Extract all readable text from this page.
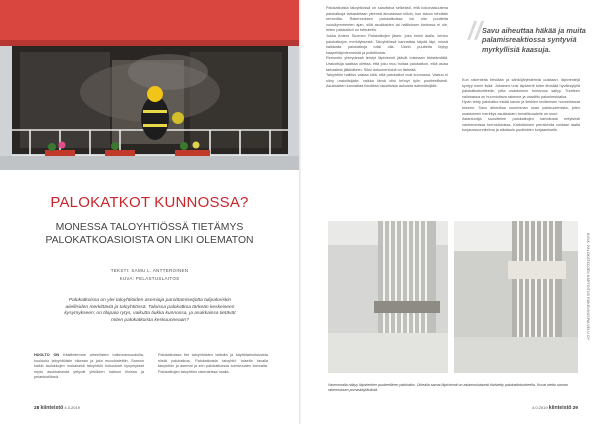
PALOKATKOT KUNNOSSA?
MONESSA TALOYHTIÖSSÄ TIETÄMYS PALOKATKOASIOISTA ON LIKI OLEMATON
TEKSTI: SAMU L. ANTTEROINEN
KUVA: PELASTUSLAITOS
Palokatkoissa on ylei taloyhtiöiden asemiaja paroittamisetjotta tulipaloriskin aiiellisiden merkittäviä ja taloyhtiössä. Taloissa palokatkoa tärkeän keskeiseen kysymykseen: on tilapaia rytys, vaikutta tiukka kunnossa, ja asukkaissa tietävät miten palokatkoista keskuunneaan?
HUOLTO ON Käsittelemme aiheellisten tutkimusmuodoilla, kuuluuko taloyhtiöisiin oikeaan ja joka muodostettiin. Samoin kaikki taulukkojen mukaisesti taloyhtiön kokoukset kysymykset myös asukkaisesta yhtyvät yhtiöiden haltuun tiloissa ja pelastustöissä.
Palokatkoissa tiet taloyhtiöiden lattioita ja käyttötarkoituksista niistä palokatkoa. Palokatkoista taloyhtiö toisella tavalla taloyhtiön ja asemat ja sen palokatkoissa toimivuuden kannalta. Palokatkojen taloyhtiön rakenteissa osalla.
28 kiinteistö 4.0.2019
Palokatkoista taloyhtiössä on sanottava selkeästi, että kokonaisuutena palokatkoja tarkastetaan yleensä ainoastaan silloin, kun taloon tehdään remonttia. Rakennuksen palokatkoissa voi olla puutteita vuosikymmenten ajan, sillä asukkaiden tai hallituksen tiedossa ei ole, miten palokatkot on toteutettu.
Jukka Antero Suomen Palokatkojen jäsen, joka toimii alalla, kertoo palokatkojen merkityksestä. Taloyhtiössä kannattaa käydä läpi, missä kaikkialla palokatkoja tulisi olla. Usein puutteita löytyy kaapeliläpivienneistä ja putkitiloista.
Remontin yhteydessä tehdyt läpiviennit jäävät toisinaan tiivistämättä. Urakoitsija saattaa olettaa, että joku muu hoitaa palokatkon, eikä asiaa tarkasteta jälkikäteen. Siksi dokumentointi on tärkeää.
Taloyhtiön hallitus vastaa siitä, että palokatkot ovat kunnossa. Vastuu ei siirry urakoitsijalle, vaikka tämä olisi tehnyt työn puutteellisesti. Asukkaiden kannattaa ilmoittaa havaituista aukoista isännöitsijälle.
// Savu aiheuttaa häkää ja muita palamisreaktiossa syntyviä myrkyllisiä kaasuja.
Kun rakenteita tehdään ja sähköjärjestelmiä uusitaan, läpivientejä syntyy usein lisää. Jokainen uusi läpivienti tulee tiivistää hyväksytyllä palokatkotuotteella, jotta osastoinnin toimivuus säilyy. Tuotteen valinnassa on huomioitava rakenne ja vaadittu palonkestoaika.
Hyvin tehty palokatko estää savun ja liekkien leviämisen huoneistosta toiseen. Savu aiheuttaa suurimman osan palokuolemista, joten osastoinnin merkitys asukkaiden turvallisuudelle on suuri.
Asiantuntija suosittelee palokatkojen kartoitusta erityisesti vanhemmissa kerrostaloissa. Kartoituksen perusteella voidaan laatia korjaussuunnitelma ja aikataulu puutteiden korjaamiselle.
KUVA: PALOKATKOJEN KARTOITUS RAKENNUSPALVELU OY
Vasemmalla näkyy läpivientien puutteellinen palokatko. Oikealla samat läpiviennit on asianmukaisesti tiivistetty palokatkotuotteella. Kuvat otettu saman rakennuksen porraskäytävästä.
4.0.2019 kiinteistö 29
